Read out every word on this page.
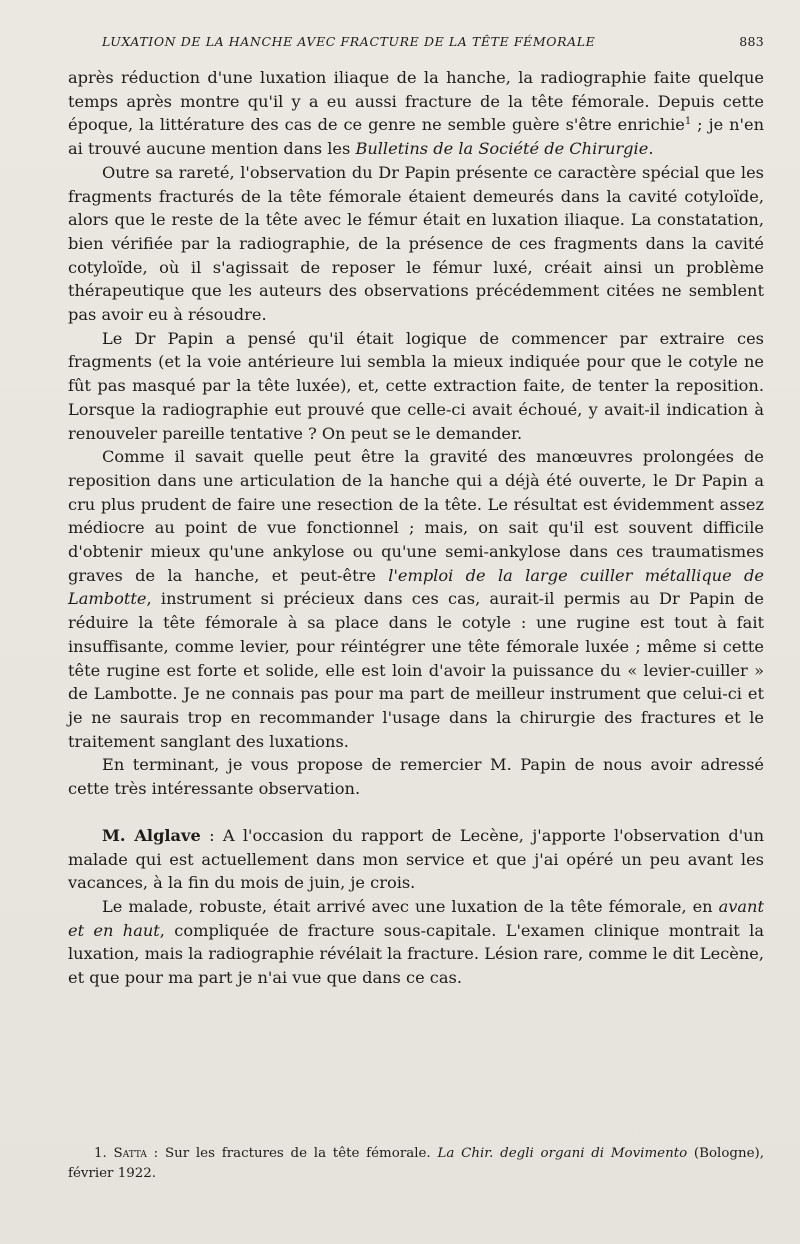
LUXATION DE LA HANCHE AVEC FRACTURE DE LA TÊTE FÉMORALE	883

après réduction d'une luxation iliaque de la hanche, la radiographie faite quelque temps après montre qu'il y a eu aussi fracture de la tête fémorale. Depuis cette époque, la littérature des cas de ce genre ne semble guère s'être enrichie$^1$ ; je n'en ai trouvé aucune mention dans les Bulletins de la Société de Chirurgie.

Outre sa rareté, l'observation du Dr Papin présente ce caractère spécial que les fragments fracturés de la tête fémorale étaient demeurés dans la cavité cotyloïde, alors que le reste de la tête avec le fémur était en luxation iliaque. La constatation, bien vérifiée par la radiographie, de la présence de ces fragments dans la cavité cotyloïde, où il s'agissait de reposer le fémur luxé, créait ainsi un problème thérapeutique que les auteurs des observations précédemment citées ne semblent pas avoir eu à résoudre.

Le Dr Papin a pensé qu'il était logique de commencer par extraire ces fragments (et la voie antérieure lui sembla la mieux indiquée pour que le cotyle ne fût pas masqué par la tête luxée), et, cette extraction faite, de tenter la reposition. Lorsque la radiographie eut prouvé que celle-ci avait échoué, y avait-il indication à renouveler pareille tentative ? On peut se le demander.

Comme il savait quelle peut être la gravité des manœuvres prolongées de reposition dans une articulation de la hanche qui a déjà été ouverte, le Dr Papin a cru plus prudent de faire une resection de la tête. Le résultat est évidemment assez médiocre au point de vue fonctionnel ; mais, on sait qu'il est souvent difficile d'obtenir mieux qu'une ankylose ou qu'une semi-ankylose dans ces traumatismes graves de la hanche, et peut-être l'emploi de la large cuiller métallique de Lambotte, instrument si précieux dans ces cas, aurait-il permis au Dr Papin de réduire la tête fémorale à sa place dans le cotyle : une rugine est tout à fait insuffisante, comme levier, pour réintégrer une tête fémorale luxée ; même si cette tête rugine est forte et solide, elle est loin d'avoir la puissance du « levier-cuiller » de Lambotte. Je ne connais pas pour ma part de meilleur instrument que celui-ci et je ne saurais trop en recommander l'usage dans la chirurgie des fractures et le traitement sanglant des luxations.

En terminant, je vous propose de remercier M. Papin de nous avoir adressé cette très intéressante observation.

M. Alglave : A l'occasion du rapport de Lecène, j'apporte l'observation d'un malade qui est actuellement dans mon service et que j'ai opéré un peu avant les vacances, à la fin du mois de juin, je crois.

Le malade, robuste, était arrivé avec une luxation de la tête fémorale, en avant et en haut, compliquée de fracture sous-capitale. L'examen clinique montrait la luxation, mais la radiographie révélait la fracture. Lésion rare, comme le dit Lecène, et que pour ma part je n'ai vue que dans ce cas.

1. Satta : Sur les fractures de la tête fémorale. La Chir. degli organi di Movimento (Bologne), février 1922.
